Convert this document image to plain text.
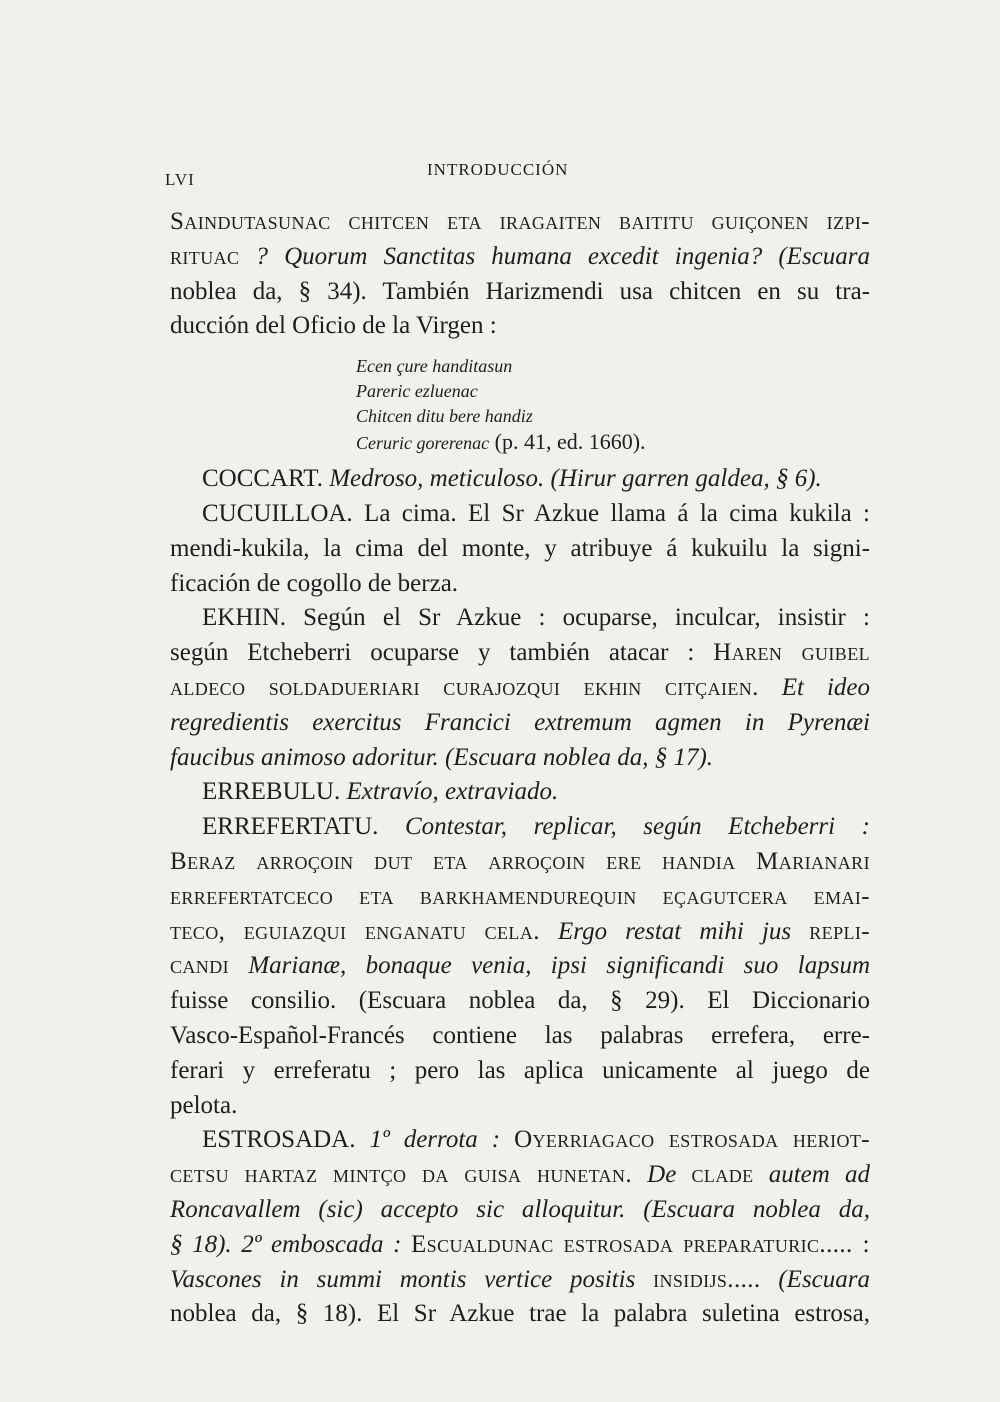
LVI
INTRODUCCIÓN

Saindutasunac chitcen eta iragaiten baititu guiçonen izpi-
rituac ? Quorum Sanctitas humana excedit ingenia? (Escuara
noblea da, § 34). También Harizmendi usa chitcen en su tra-
ducción del Oficio de la Virgen :

Ecen çure handitasun
Pareric ezluenac
Chitcen ditu bere handiz
Ceruric gorerenac (p. 41, ed. 1660).

COCCART. Medroso, meticuloso. (Hirur garren galdea, § 6).

CUCUILLOA. La cima. El Sr Azkue llama á la cima kukila :
mendi-kukila, la cima del monte, y atribuye á kukuilu la signi-
ficación de cogollo de berza.

EKHIN. Según el Sr Azkue : ocuparse, inculcar, insistir :
según Etcheberri ocuparse y también atacar : Haren guibel
aldeco soldaduerіari curajozqui ekhin citçaien. Et ideo
regredientis exercitus Francici extremum agmen in Pyrenæi
faucibus animoso adoritur. (Escuara noblea da, § 17).

ERREBULU. Extravío, extraviado.

ERREFERTATU. Contestar, replicar, según Etcheberri :
Beraz arroçoin dut eta arroçoin ere handia Marianari
errefertatceco eta barkhamendurequin eçagutcera emai-
teco, eguiazqui enganatu cela. Ergo restat mihi jus repli-
candi Marianæ, bonaque venia, ipsi significandi suo lapsum
fuisse consilio. (Escuara noblea da, § 29). El Diccionario
Vasco-Español-Francés contiene las palabras errefera, erre-
ferari y erreferatu ; pero las aplica unicamente al juego de
pelota.

ESTROSADA. 1º derrota : Oyerriagaco estrosada heriot-
cetsu hartaz mintço da guisa hunetan. De clade autem ad
Roncavallem (sic) accepto sic alloquitur. (Escuara noblea da,
§ 18). 2º emboscada : Escualdunac estrosada preparaturic..... :
Vascones in summi montis vertice positis insidijs..... (Escuara
noblea da, § 18). El Sr Azkue trae la palabra suletina estrosa,
